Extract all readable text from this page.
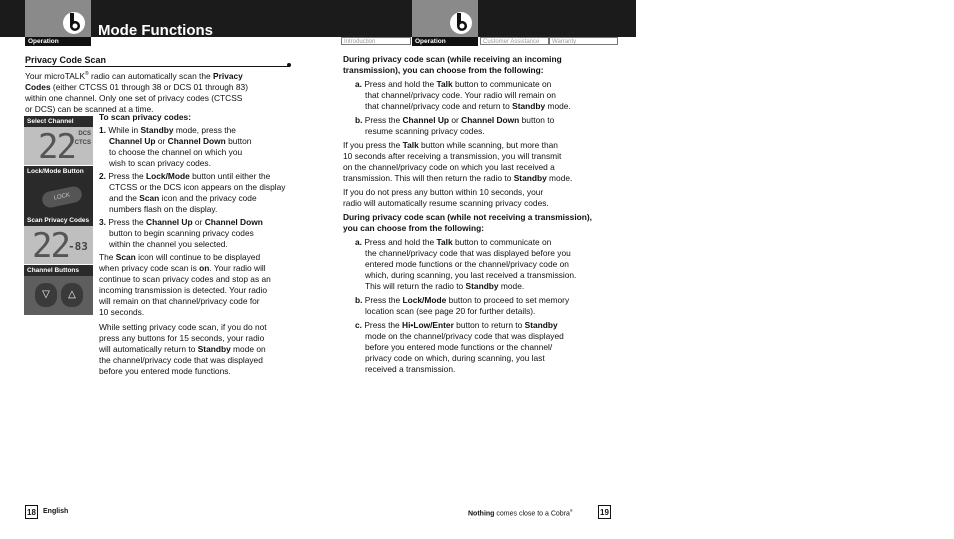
Operation
Mode Functions
Operation
Introduction	Customer Assistance	Warranty
Privacy Code Scan
Your microTALK® radio can automatically scan the Privacy
Codes (either CTCSS 01 through 38 or DCS 01 through 83)
within one channel. Only one set of privacy codes (CTCSS
or DCS) can be scanned at a time.
Select Channel
22 DCS
CTCS
Lock/Mode Button
LOCK
Scan Privacy Codes
22 -83
Channel Buttons
▽	△
To scan privacy codes:
1. While in Standby mode, press the
Channel Up or Channel Down button
to choose the channel on which you
wish to scan privacy codes.
2. Press the Lock/Mode button until either the
CTCSS or the DCS icon appears on the display
and the Scan icon and the privacy code
numbers flash on the display.
3. Press the Channel Up or Channel Down
button to begin scanning privacy codes
within the channel you selected.
The Scan icon will continue to be displayed
when privacy code scan is on. Your radio will
continue to scan privacy codes and stop as an
incoming transmission is detected. Your radio
will remain on that channel/privacy code for
10 seconds.
While setting privacy code scan, if you do not
press any buttons for 15 seconds, your radio
will automatically return to Standby mode on
the channel/privacy code that was displayed
before you entered mode functions.
During privacy code scan (while receiving an incoming
transmission), you can choose from the following:
a. Press and hold the Talk button to communicate on
that channel/privacy code. Your radio will remain on
that channel/privacy code and return to Standby mode.
b. Press the Channel Up or Channel Down button to
resume scanning privacy codes.
If you press the Talk button while scanning, but more than
10 seconds after receiving a transmission, you will transmit
on the channel/privacy code on which you last received a
transmission. This will then return the radio to Standby mode.
If you do not press any button within 10 seconds, your
radio will automatically resume scanning privacy codes.
During privacy code scan (while not receiving a transmission),
you can choose from the following:
a. Press and hold the Talk button to communicate on
the channel/privacy code that was displayed before you
entered mode functions or the channel/privacy code on
which, during scanning, you last received a transmission.
This will return the radio to Standby mode.
b. Press the Lock/Mode button to proceed to set memory
location scan (see page 20 for further details).
c. Press the Hi•Low/Enter button to return to Standby
mode on the channel/privacy code that was displayed
before you entered mode functions or the channel/
privacy code on which, during scanning, you last
received a transmission.
18 English	Nothing comes close to a Cobra®	19
